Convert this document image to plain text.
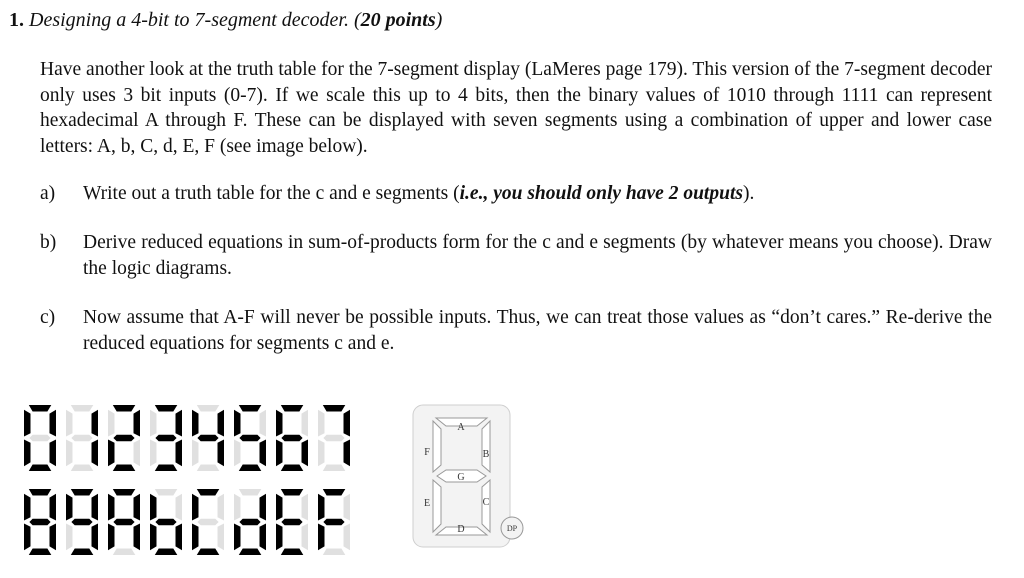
1. Designing a 4-bit to 7-segment decoder. (20 points)
Have another look at the truth table for the 7-segment display (LaMeres page 179). This version of the 7-segment decoder only uses 3 bit inputs (0-7). If we scale this up to 4 bits, then the binary values of 1010 through 1111 can represent hexadecimal A through F. These can be displayed with seven segments using a combination of upper and lower case letters: A, b, C, d, E, F (see image below).
a)	Write out a truth table for the c and e segments (i.e., you should only have 2 outputs).
b)	Derive reduced equations in sum-of-products form for the c and e segments (by whatever means you choose). Draw the logic diagrams.
c)	Now assume that A-F will never be possible inputs. Thus, we can treat those values as “don’t cares.” Re-derive the reduced equations for segments c and e.
A
B
C
D
E
F
G
DP
